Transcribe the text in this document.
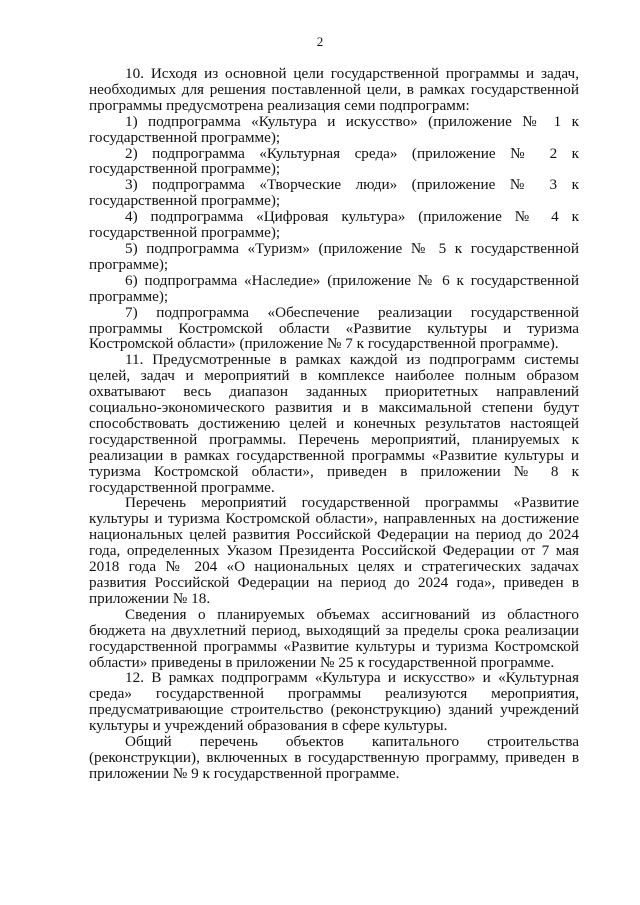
2

10. Исходя из основной цели государственной программы и задач, необходимых для решения поставленной цели, в рамках государственной программы предусмотрена реализация семи подпрограмм:

1) подпрограмма «Культура и искусство» (приложение № 1 к государственной программе);

2) подпрограмма «Культурная среда» (приложение № 2 к государственной программе);

3) подпрограмма «Творческие люди» (приложение № 3 к государственной программе);

4) подпрограмма «Цифровая культура» (приложение № 4 к государственной программе);

5) подпрограмма «Туризм» (приложение № 5 к государственной программе);

6) подпрограмма «Наследие» (приложение № 6 к государственной программе);

7) подпрограмма «Обеспечение реализации государственной программы Костромской области «Развитие культуры и туризма Костромской области» (приложение № 7 к государственной программе).

11. Предусмотренные в рамках каждой из подпрограмм системы целей, задач и мероприятий в комплексе наиболее полным образом охватывают весь диапазон заданных приоритетных направлений социально-экономического развития и в максимальной степени будут способствовать достижению целей и конечных результатов настоящей государственной программы. Перечень мероприятий, планируемых к реализации в рамках государственной программы «Развитие культуры и туризма Костромской области», приведен в приложении № 8 к государственной программе.

Перечень мероприятий государственной программы «Развитие культуры и туризма Костромской области», направленных на достижение национальных целей развития Российской Федерации на период до 2024 года, определенных Указом Президента Российской Федерации от 7 мая 2018 года № 204 «О национальных целях и стратегических задачах развития Российской Федерации на период до 2024 года», приведен в приложении № 18.

Сведения о планируемых объемах ассигнований из областного бюджета на двухлетний период, выходящий за пределы срока реализации государственной программы «Развитие культуры и туризма Костромской области» приведены в приложении № 25 к государственной программе.

12. В рамках подпрограмм «Культура и искусство» и «Культурная среда» государственной программы реализуются мероприятия, предусматривающие строительство (реконструкцию) зданий учреждений культуры и учреждений образования в сфере культуры.

Общий перечень объектов капитального строительства (реконструкции), включенных в государственную программу, приведен в приложении № 9 к государственной программе.
